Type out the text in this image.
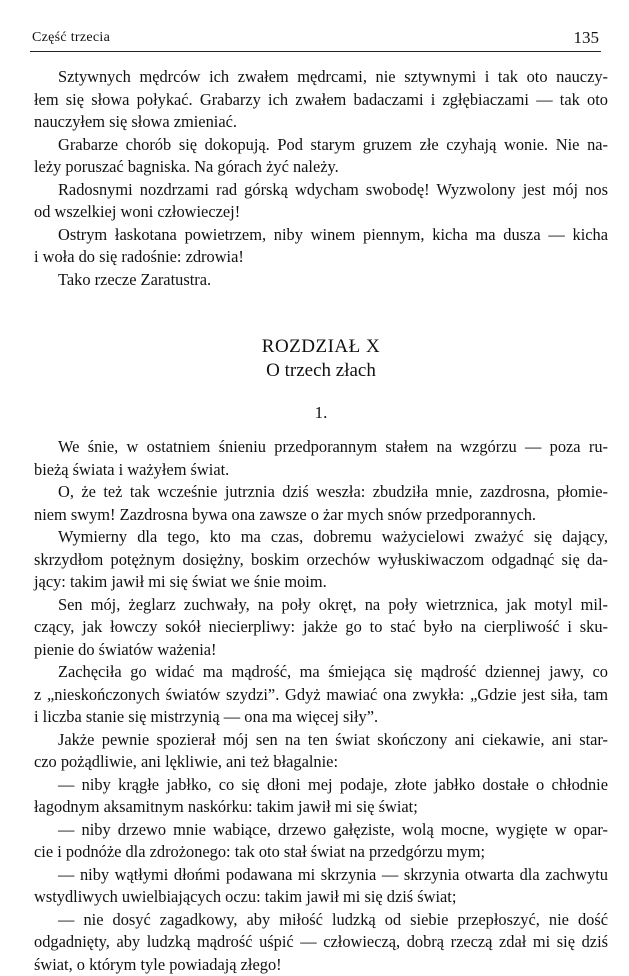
Część trzecia	135
Sztywnych mędrców ich zwałem mędrcami, nie sztywnymi i tak oto nauczy-
łem się słowa połykać. Grabarzy ich zwałem badaczami i zgłębiaczami — tak oto
nauczyłem się słowa zmieniać.
Grabarze chorób się dokopują. Pod starym gruzem złe czyhają wonie. Nie na-
leży poruszać bagniska. Na górach żyć należy.
Radosnymi nozdrzami rad górską wdycham swobodę! Wyzwolony jest mój nos
od wszelkiej woni człowieczej!
Ostrym łaskotana powietrzem, niby winem piennym, kicha ma dusza — kicha
i woła do się radośnie: zdrowia!
Tako rzecze Zaratustra.
ROZDZIAŁ X
O trzech złach
1.
We śnie, w ostatniem śnieniu przedporannym stałem na wzgórzu — poza ru-
bieżą świata i ważyłem świat.
O, że też tak wcześnie jutrznia dziś weszła: zbudziła mnie, zazdrosna, płomie-
niem swym! Zazdrosna bywa ona zawsze o żar mych snów przedporannych.
Wymierny dla tego, kto ma czas, dobremu ważycielowi zważyć się dający,
skrzydłom potężnym dosiężny, boskim orzechów wyłuskiwaczom odgadnąć się da-
jący: takim jawił mi się świat we śnie moim.
Sen mój, żeglarz zuchwały, na poły okręt, na poły wietrznica, jak motyl mil-
czący, jak łowczy sokół niecierpliwy: jakże go to stać było na cierpliwość i sku-
pienie do światów ważenia!
Zachęciła go widać ma mądrość, ma śmiejąca się mądrość dziennej jawy, co
z „nieskończonych światów szydzi”. Gdyż mawiać ona zwykła: „Gdzie jest siła, tam
i liczba stanie się mistrzynią — ona ma więcej siły”.
Jakże pewnie spozierał mój sen na ten świat skończony ani ciekawie, ani star-
czo pożądliwie, ani lękliwie, ani też błagalnie:
— niby krągłe jabłko, co się dłoni mej podaje, złote jabłko dostałe o chłodnie
łagodnym aksamitnym naskórku: takim jawił mi się świat;
— niby drzewo mnie wabiące, drzewo gałęziste, wolą mocne, wygięte w opar-
cie i podnóże dla zdrożonego: tak oto stał świat na przedgórzu mym;
— niby wątłymi dłońmi podawana mi skrzynia — skrzynia otwarta dla zachwytu
wstydliwych uwielbiających oczu: takim jawił mi się dziś świat;
— nie dosyć zagadkowy, aby miłość ludzką od siebie przepłoszyć, nie dość
odgadnięty, aby ludzką mądrość uśpić — człowieczą, dobrą rzeczą zdał mi się dziś
świat, o którym tyle powiadają złego!
